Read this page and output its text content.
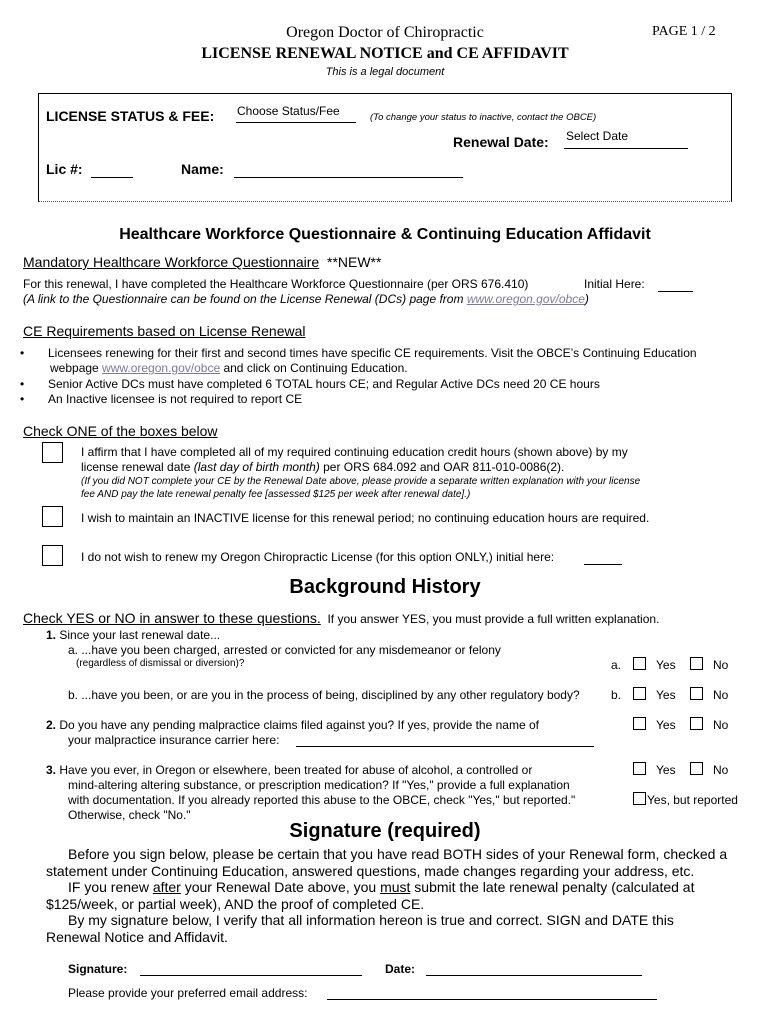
Oregon Doctor of Chiropractic
LICENSE RENEWAL NOTICE and CE AFFIDAVIT
This is a legal document
PAGE 1 / 2
LICENSE STATUS & FEE: Choose Status/Fee	(To change your status to inactive, contact the OBCE)
Renewal Date: Select Date
Lic #:	Name:
Healthcare Workforce Questionnaire & Continuing Education Affidavit
Mandatory Healthcare Workforce Questionnaire **NEW**
For this renewal, I have completed the Healthcare Workforce Questionnaire (per ORS 676.410)	Initial Here:
(A link to the Questionnaire can be found on the License Renewal (DCs) page from www.oregon.gov/obce)
CE Requirements based on License Renewal
• Licensees renewing for their first and second times have specific CE requirements. Visit the OBCE’s Continuing Education
webpage www.oregon.gov/obce and click on Continuing Education.
• Senior Active DCs must have completed 6 TOTAL hours CE; and Regular Active DCs need 20 CE hours
• An Inactive licensee is not required to report CE
Check ONE of the boxes below
I affirm that I have completed all of my required continuing education credit hours (shown above) by my
license renewal date (last day of birth month) per ORS 684.092 and OAR 811-010-0086(2).
(If you did NOT complete your CE by the Renewal Date above, please provide a separate written explanation with your license
fee AND pay the late renewal penalty fee [assessed $125 per week after renewal date].)
I wish to maintain an INACTIVE license for this renewal period; no continuing education hours are required.
I do not wish to renew my Oregon Chiropractic License (for this option ONLY,) initial here:
Background History
Check YES or NO in answer to these questions. If you answer YES, you must provide a full written explanation.
1. Since your last renewal date...
a. ...have you been charged, arrested or convicted for any misdemeanor or felony
(regardless of dismissal or diversion)?	a.	Yes	No
b. ...have you been, or are you in the process of being, disciplined by any other regulatory body?	b.	Yes	No
2. Do you have any pending malpractice claims filed against you? If yes, provide the name of
your malpractice insurance carrier here:
Yes	No
3. Have you ever, in Oregon or elsewhere, been treated for abuse of alcohol, a controlled or
mind-altering altering substance, or prescription medication? If "Yes," provide a full explanation
with documentation. If you already reported this abuse to the OBCE, check "Yes," but reported."
Otherwise, check "No."
Yes	No
Yes, but reported
Signature (required)
Before you sign below, please be certain that you have read BOTH sides of your Renewal form, checked a
statement under Continuing Education, answered questions, made changes regarding your address, etc.
IF you renew after your Renewal Date above, you must submit the late renewal penalty (calculated at
$125/week, or partial week), AND the proof of completed CE.
By my signature below, I verify that all information hereon is true and correct. SIGN and DATE this
Renewal Notice and Affidavit.
Signature:	Date:
Please provide your preferred email address:
